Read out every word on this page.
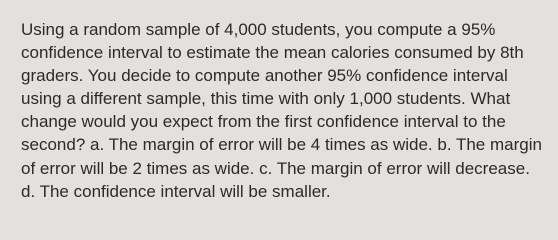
Using a random sample of 4,000 students, you compute a 95% confidence interval to estimate the mean calories consumed by 8th graders. You decide to compute another 95% confidence interval using a different sample, this time with only 1,000 students. What change would you expect from the first confidence interval to the second? a. The margin of error will be 4 times as wide. b. The margin of error will be 2 times as wide. c. The margin of error will decrease. d. The confidence interval will be smaller.
